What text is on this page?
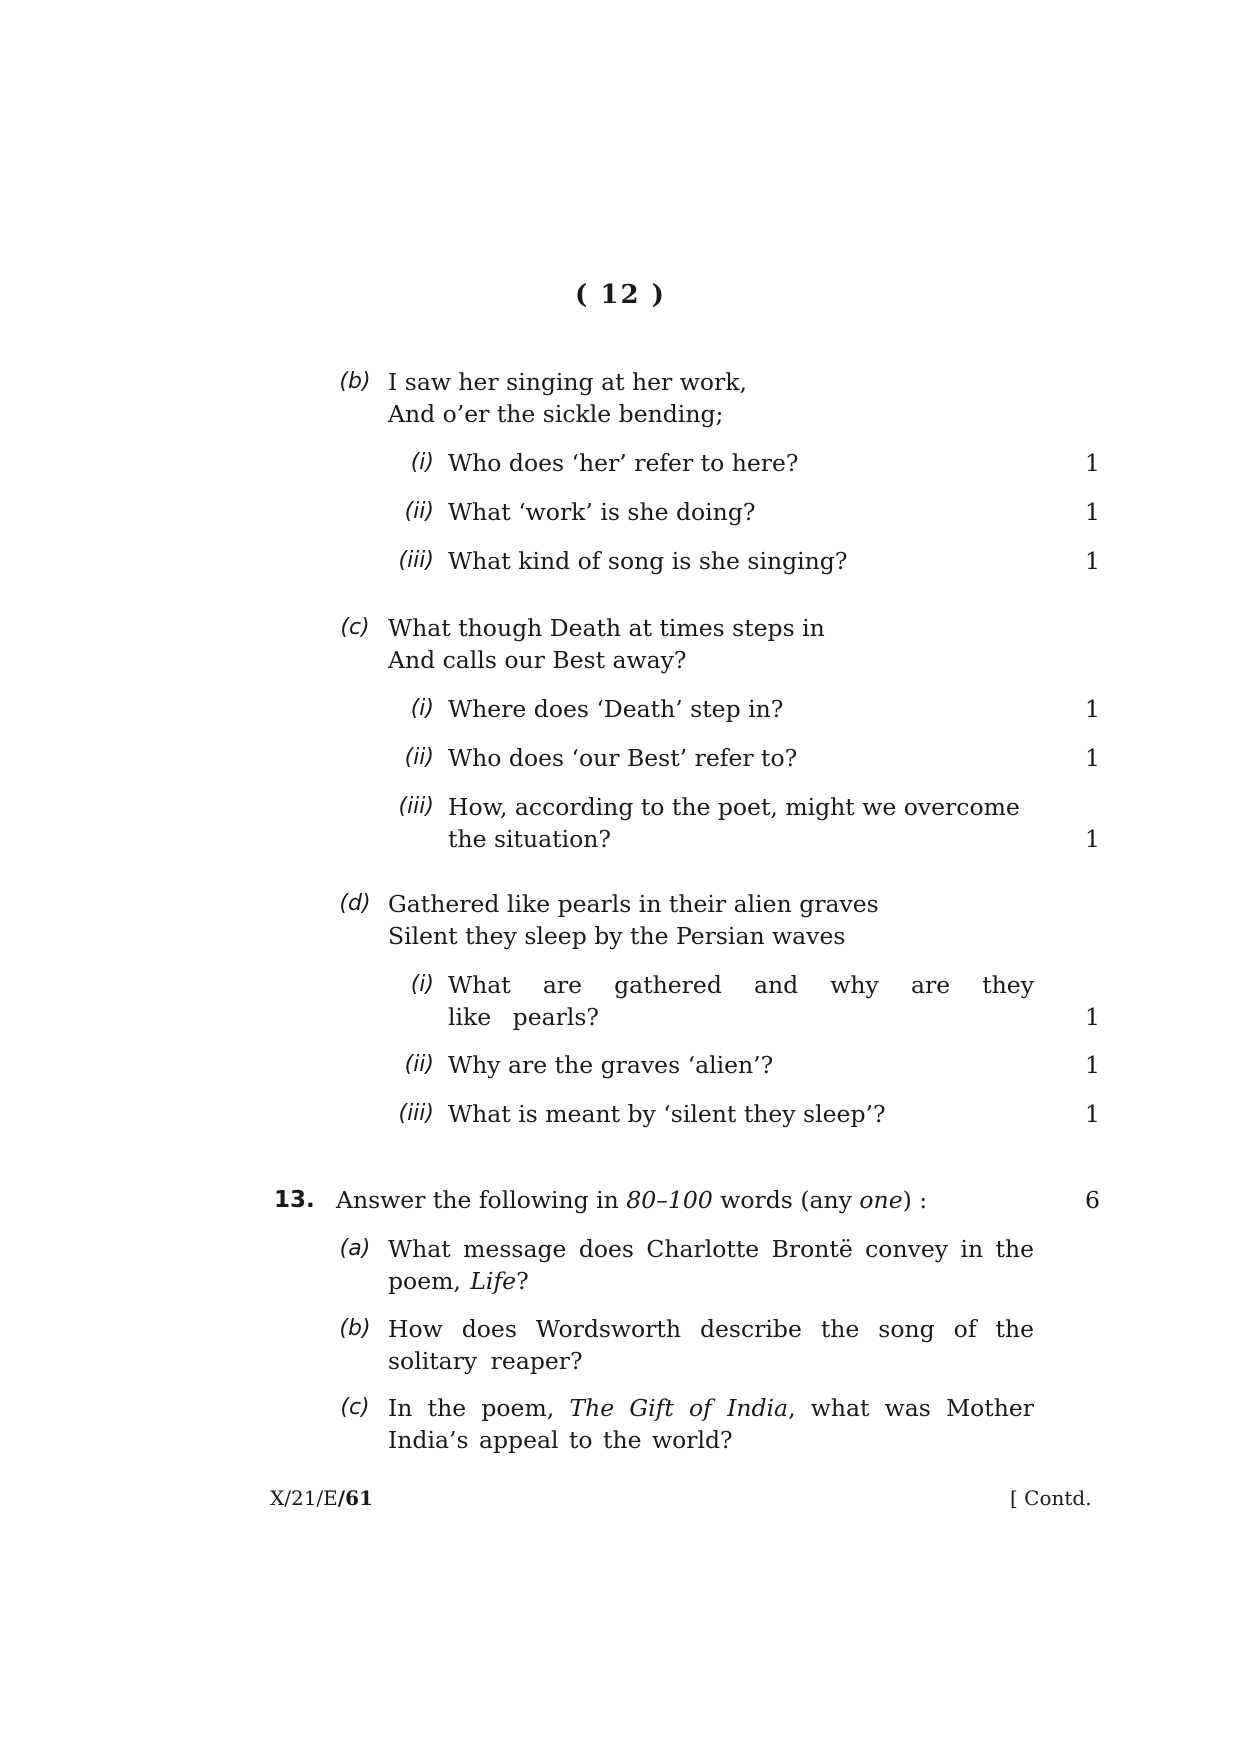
( 12 )
(b) I saw her singing at her work,
And o’er the sickle bending;
(i) Who does ‘her’ refer to here?	1
(ii) What ‘work’ is she doing?	1
(iii) What kind of song is she singing?	1
(c) What though Death at times steps in
And calls our Best away?
(i) Where does ‘Death’ step in?	1
(ii) Who does ‘our Best’ refer to?	1
(iii) How, according to the poet, might we overcome the situation?	1
(d) Gathered like pearls in their alien graves
Silent they sleep by the Persian waves
(i) What are gathered and why are they like pearls?	1
(ii) Why are the graves ‘alien’?	1
(iii) What is meant by ‘silent they sleep’?	1
13. Answer the following in 80–100 words (any one) :	6
(a) What message does Charlotte Brontë convey in the poem, Life?
(b) How does Wordsworth describe the song of the solitary reaper?
(c) In the poem, The Gift of India, what was Mother India’s appeal to the world?
X/21/E/61	[ Contd.
